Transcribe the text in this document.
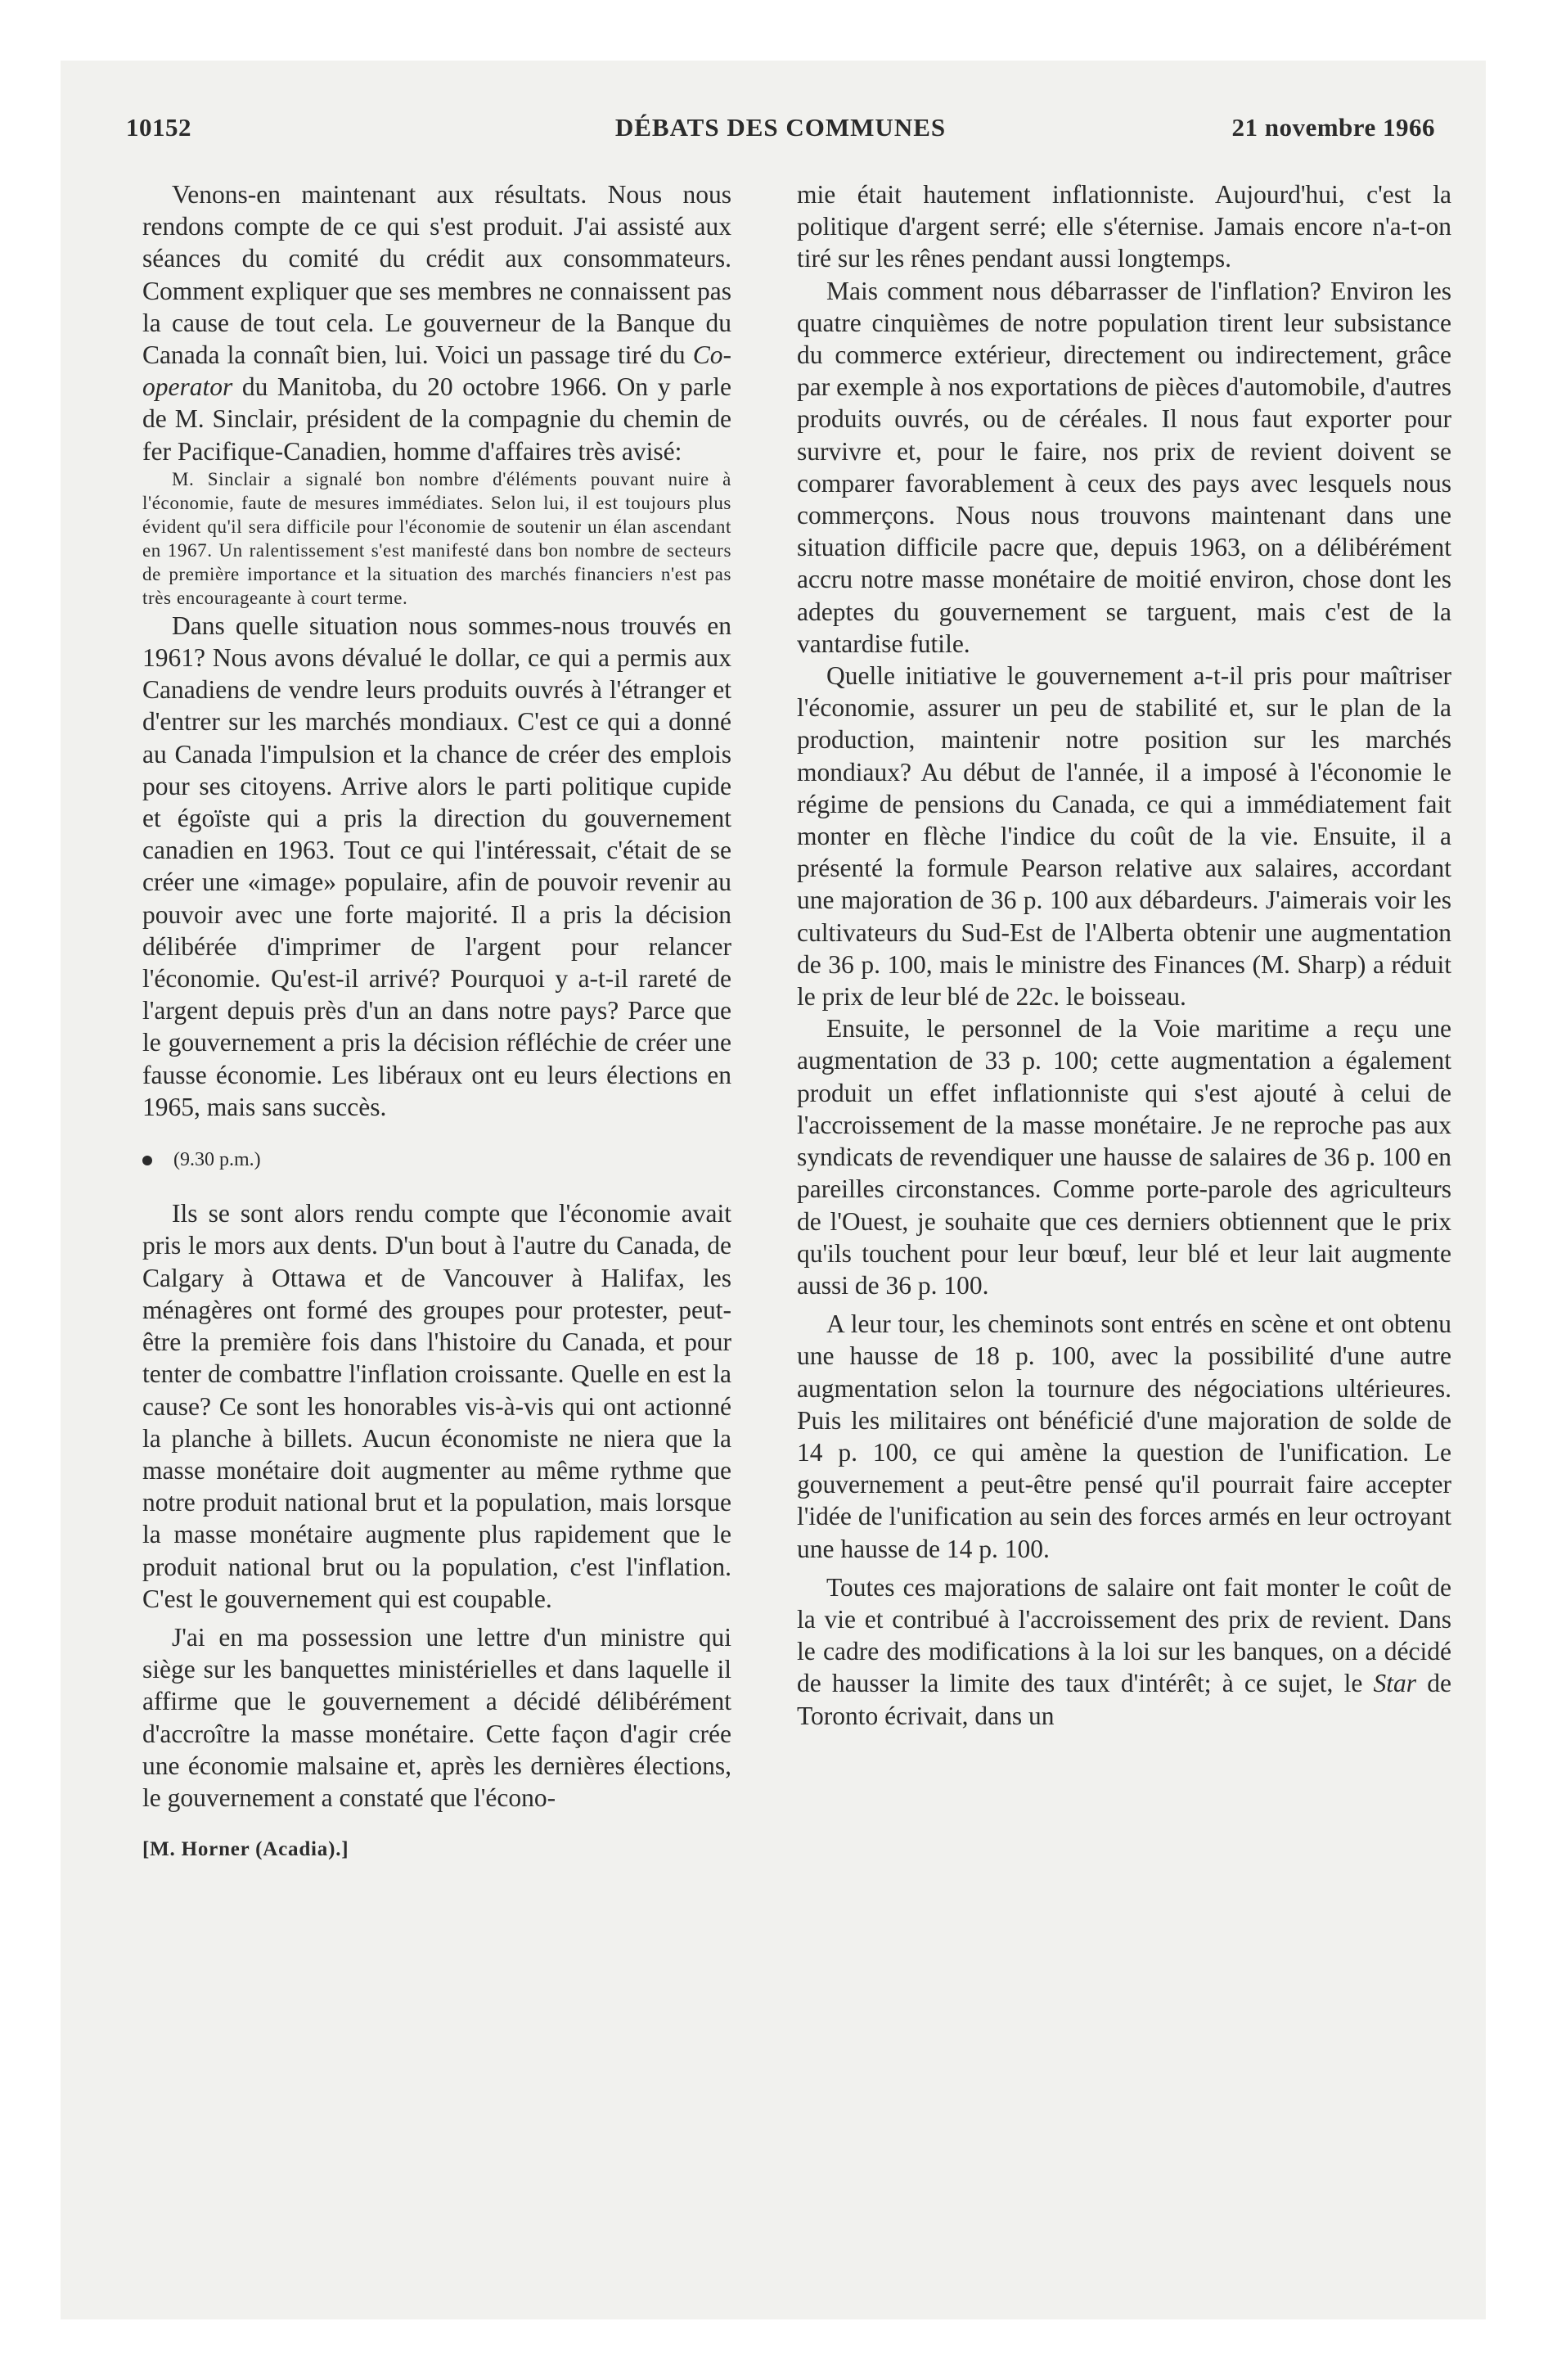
10152	DÉBATS DES COMMUNES	21 novembre 1966

Venons-en maintenant aux résultats. Nous nous rendons compte de ce qui s'est produit. J'ai assisté aux séances du comité du crédit aux consommateurs. Comment expliquer que ses membres ne connaissent pas la cause de tout cela. Le gouverneur de la Banque du Canada la connaît bien, lui. Voici un passage tiré du Co-operator du Manitoba, du 20 octobre 1966. On y parle de M. Sinclair, président de la compagnie du chemin de fer Pacifique-Canadien, homme d'affaires très avisé:

M. Sinclair a signalé bon nombre d'éléments pouvant nuire à l'économie, faute de mesures immédiates. Selon lui, il est toujours plus évident qu'il sera difficile pour l'économie de soutenir un élan ascendant en 1967. Un ralentissement s'est manifesté dans bon nombre de secteurs de première importance et la situation des marchés financiers n'est pas très encourageante à court terme.

Dans quelle situation nous sommes-nous trouvés en 1961? Nous avons dévalué le dollar, ce qui a permis aux Canadiens de vendre leurs produits ouvrés à l'étranger et d'entrer sur les marchés mondiaux. C'est ce qui a donné au Canada l'impulsion et la chance de créer des emplois pour ses citoyens. Arrive alors le parti politique cupide et égoïste qui a pris la direction du gouvernement canadien en 1963. Tout ce qui l'intéressait, c'était de se créer une «image» populaire, afin de pouvoir revenir au pouvoir avec une forte majorité. Il a pris la décision délibérée d'imprimer de l'argent pour relancer l'économie. Qu'est-il arrivé? Pourquoi y a-t-il rareté de l'argent depuis près d'un an dans notre pays? Parce que le gouvernement a pris la décision réfléchie de créer une fausse économie. Les libéraux ont eu leurs élections en 1965, mais sans succès.

(9.30 p.m.)

Ils se sont alors rendu compte que l'économie avait pris le mors aux dents. D'un bout à l'autre du Canada, de Calgary à Ottawa et de Vancouver à Halifax, les ménagères ont formé des groupes pour protester, peut-être la première fois dans l'histoire du Canada, et pour tenter de combattre l'inflation croissante. Quelle en est la cause? Ce sont les honorables vis-à-vis qui ont actionné la planche à billets. Aucun économiste ne niera que la masse monétaire doit augmenter au même rythme que notre produit national brut et la population, mais lorsque la masse monétaire augmente plus rapidement que le produit national brut ou la population, c'est l'inflation. C'est le gouvernement qui est coupable.

J'ai en ma possession une lettre d'un ministre qui siège sur les banquettes ministérielles et dans laquelle il affirme que le gouvernement a décidé délibérément d'accroître la masse monétaire. Cette façon d'agir crée une économie malsaine et, après les dernières élections, le gouvernement a constaté que l'écono-

[M. Horner (Acadia).]

mie était hautement inflationniste. Aujourd'hui, c'est la politique d'argent serré; elle s'éternise. Jamais encore n'a-t-on tiré sur les rênes pendant aussi longtemps.

Mais comment nous débarrasser de l'inflation? Environ les quatre cinquièmes de notre population tirent leur subsistance du commerce extérieur, directement ou indirectement, grâce par exemple à nos exportations de pièces d'automobile, d'autres produits ouvrés, ou de céréales. Il nous faut exporter pour survivre et, pour le faire, nos prix de revient doivent se comparer favorablement à ceux des pays avec lesquels nous commerçons. Nous nous trouvons maintenant dans une situation difficile pacre que, depuis 1963, on a délibérément accru notre masse monétaire de moitié environ, chose dont les adeptes du gouvernement se targuent, mais c'est de la vantardise futile.

Quelle initiative le gouvernement a-t-il pris pour maîtriser l'économie, assurer un peu de stabilité et, sur le plan de la production, maintenir notre position sur les marchés mondiaux? Au début de l'année, il a imposé à l'économie le régime de pensions du Canada, ce qui a immédiatement fait monter en flèche l'indice du coût de la vie. Ensuite, il a présenté la formule Pearson relative aux salaires, accordant une majoration de 36 p. 100 aux débardeurs. J'aimerais voir les cultivateurs du Sud-Est de l'Alberta obtenir une augmentation de 36 p. 100, mais le ministre des Finances (M. Sharp) a réduit le prix de leur blé de 22c. le boisseau.

Ensuite, le personnel de la Voie maritime a reçu une augmentation de 33 p. 100; cette augmentation a également produit un effet inflationniste qui s'est ajouté à celui de l'accroissement de la masse monétaire. Je ne reproche pas aux syndicats de revendiquer une hausse de salaires de 36 p. 100 en pareilles circonstances. Comme porte-parole des agriculteurs de l'Ouest, je souhaite que ces derniers obtiennent que le prix qu'ils touchent pour leur bœuf, leur blé et leur lait augmente aussi de 36 p. 100.

A leur tour, les cheminots sont entrés en scène et ont obtenu une hausse de 18 p. 100, avec la possibilité d'une autre augmentation selon la tournure des négociations ultérieures. Puis les militaires ont bénéficié d'une majoration de solde de 14 p. 100, ce qui amène la question de l'unification. Le gouvernement a peut-être pensé qu'il pourrait faire accepter l'idée de l'unification au sein des forces armés en leur octroyant une hausse de 14 p. 100.

Toutes ces majorations de salaire ont fait monter le coût de la vie et contribué à l'accroissement des prix de revient. Dans le cadre des modifications à la loi sur les banques, on a décidé de hausser la limite des taux d'intérêt; à ce sujet, le Star de Toronto écrivait, dans un
